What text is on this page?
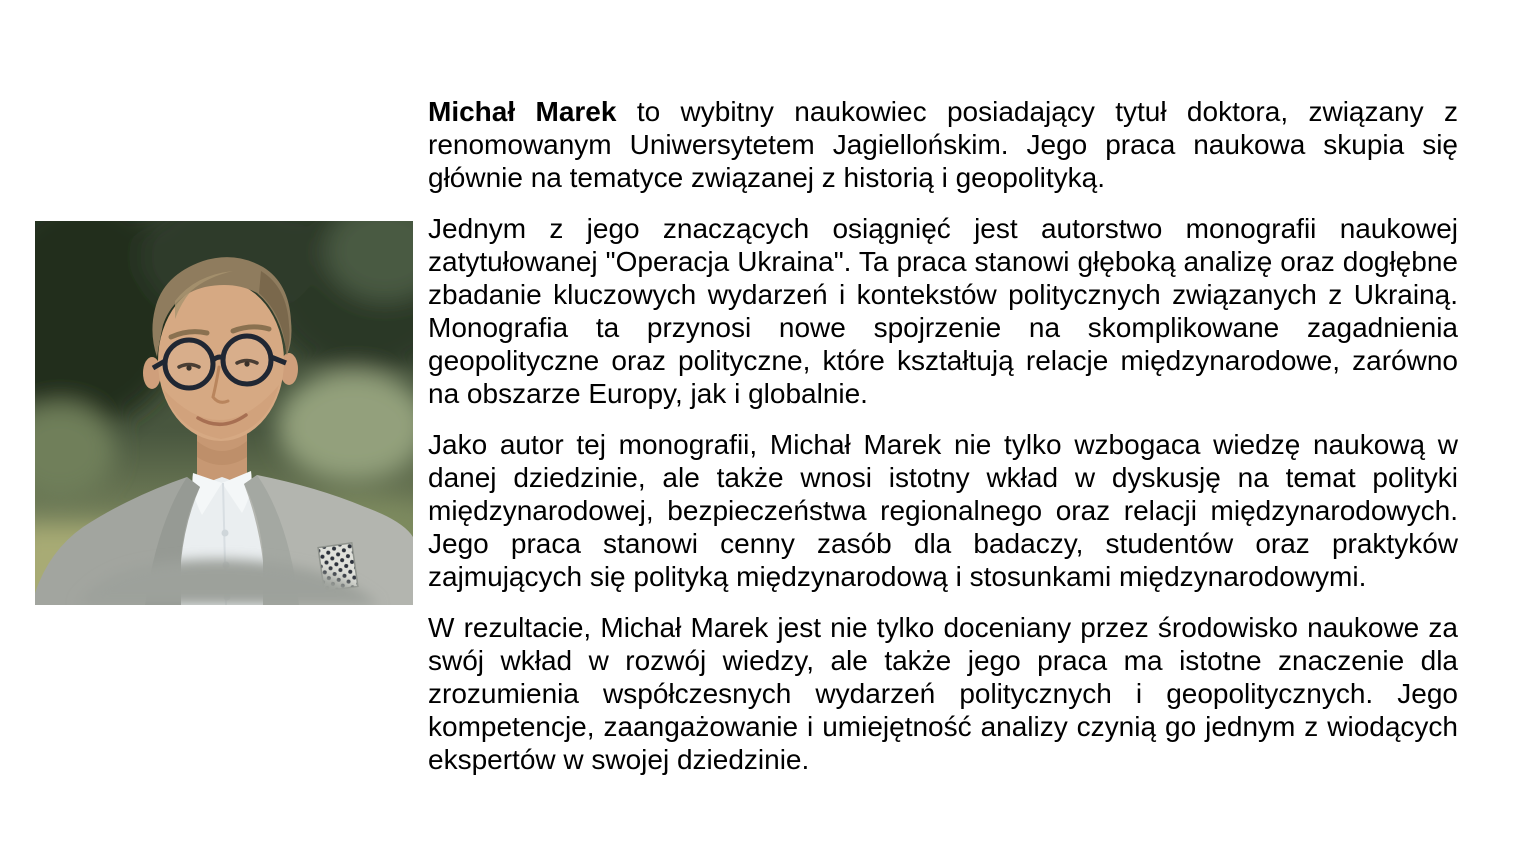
Michał Marek to wybitny naukowiec posiadający tytuł doktora, związany z renomowanym Uniwersytetem Jagiellońskim. Jego praca naukowa skupia się głównie na tematyce związanej z historią i geopolityką.

Jednym z jego znaczących osiągnięć jest autorstwo monografii naukowej zatytułowanej "Operacja Ukraina". Ta praca stanowi głęboką analizę oraz dogłębne zbadanie kluczowych wydarzeń i kontekstów politycznych związanych z Ukrainą. Monografia ta przynosi nowe spojrzenie na skomplikowane zagadnienia geopolityczne oraz polityczne, które kształtują relacje międzynarodowe, zarówno na obszarze Europy, jak i globalnie.

Jako autor tej monografii, Michał Marek nie tylko wzbogaca wiedzę naukową w danej dziedzinie, ale także wnosi istotny wkład w dyskusję na temat polityki międzynarodowej, bezpieczeństwa regionalnego oraz relacji międzynarodowych. Jego praca stanowi cenny zasób dla badaczy, studentów oraz praktyków zajmujących się polityką międzynarodową i stosunkami międzynarodowymi.

W rezultacie, Michał Marek jest nie tylko doceniany przez środowisko naukowe za swój wkład w rozwój wiedzy, ale także jego praca ma istotne znaczenie dla zrozumienia współczesnych wydarzeń politycznych i geopolitycznych. Jego kompetencje, zaangażowanie i umiejętność analizy czynią go jednym z wiodących ekspertów w swojej dziedzinie.
